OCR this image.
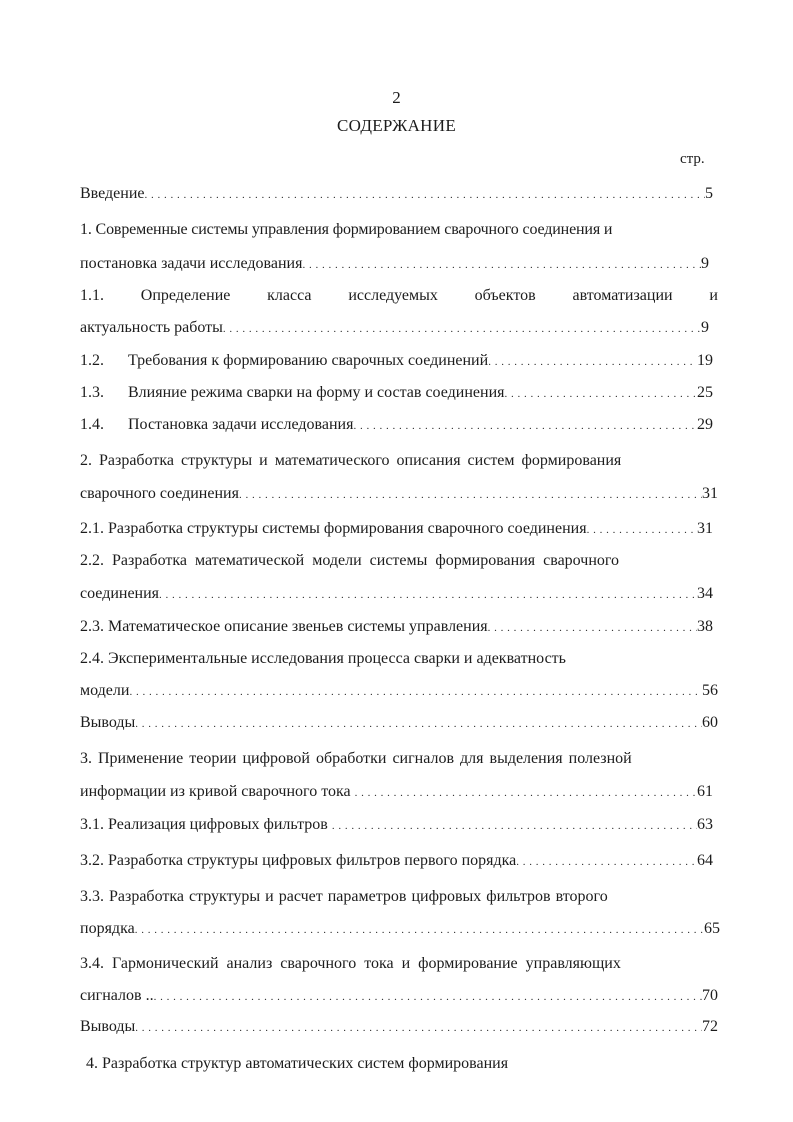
2
СОДЕРЖАНИЕ
стр.
Введение . . .	5
1. Современные системы управления формированием сварочного соединения и
постановка задачи исследования . . .	9
1.1. Определение класса исследуемых объектов автоматизации и
актуальность работы . . .	9
1.2.	Требования к формированию сварочных соединений . . .	19
1.3.	Влияние режима сварки на форму и состав соединения . . .	25
1.4.	Постановка задачи исследования . . .	29
2. Разработка структуры и математического описания систем формирования
сварочного соединения . . .	31
2.1. Разработка структуры системы формирования сварочного соединения . . .	31
2.2. Разработка математической модели системы формирования сварочного
соединения . . .	34
2.3. Математическое описание звеньев системы управления . . .	38
2.4. Экспериментальные исследования процесса сварки и адекватность
модели . . .	56
Выводы . . .	60
3. Применение теории цифровой обработки сигналов для выделения полезной
информации из кривой сварочного тока . . .	61
3.1. Реализация цифровых фильтров . . .	63
3.2. Разработка структуры цифровых фильтров первого порядка . . .	64
3.3. Разработка структуры и расчет параметров цифровых фильтров второго
порядка . . .	65
3.4. Гармонический анализ сварочного тока и формирование управляющих
сигналов .. . . .	70
Выводы . . .	72
4. Разработка структур автоматических систем формирования
